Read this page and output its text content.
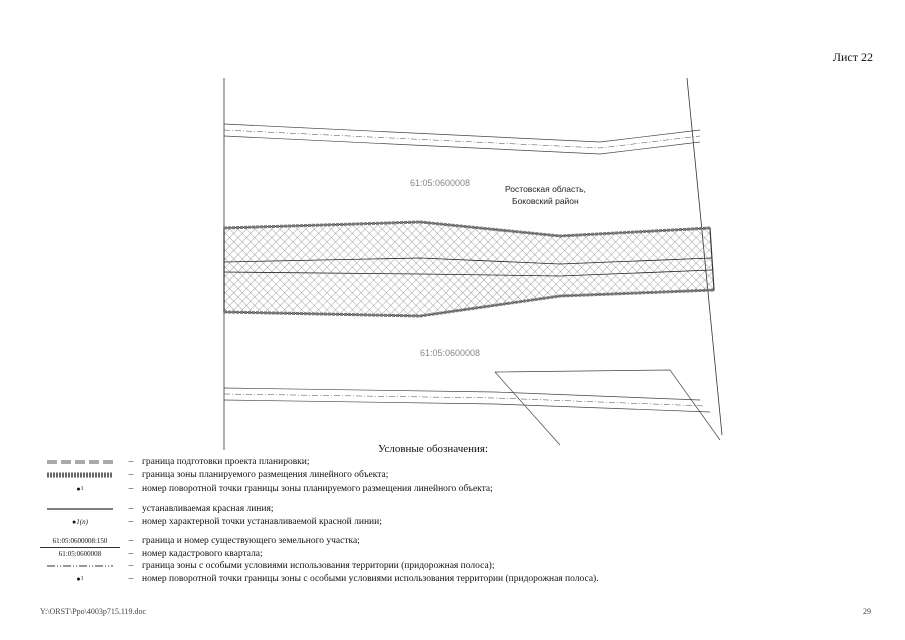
Лист 22
61:05:0600008
Ростовская область,
Боковский район
61:05:0600008
Условные обозначения:
– граница подготовки проекта планировки;
– граница зоны планируемого размещения линейного объекта;
● 1	– номер поворотной точки границы зоны планируемого размещения линейного объекта;
– устанавливаемая красная линия;
● 1(n)	– номер характерной точки устанавливаемой красной линии;
61:05:0600008:150	– граница и номер существующего земельного участка;
61:05:0600008	– номер кадастрового квартала;
– граница зоны с особыми условиями использования территории (придорожная полоса);
● 1	– номер поворотной точки границы зоны с особыми условиями использования территории (придорожная полоса).
Y:\ORST\Ppo\4003p715.119.doc	29
